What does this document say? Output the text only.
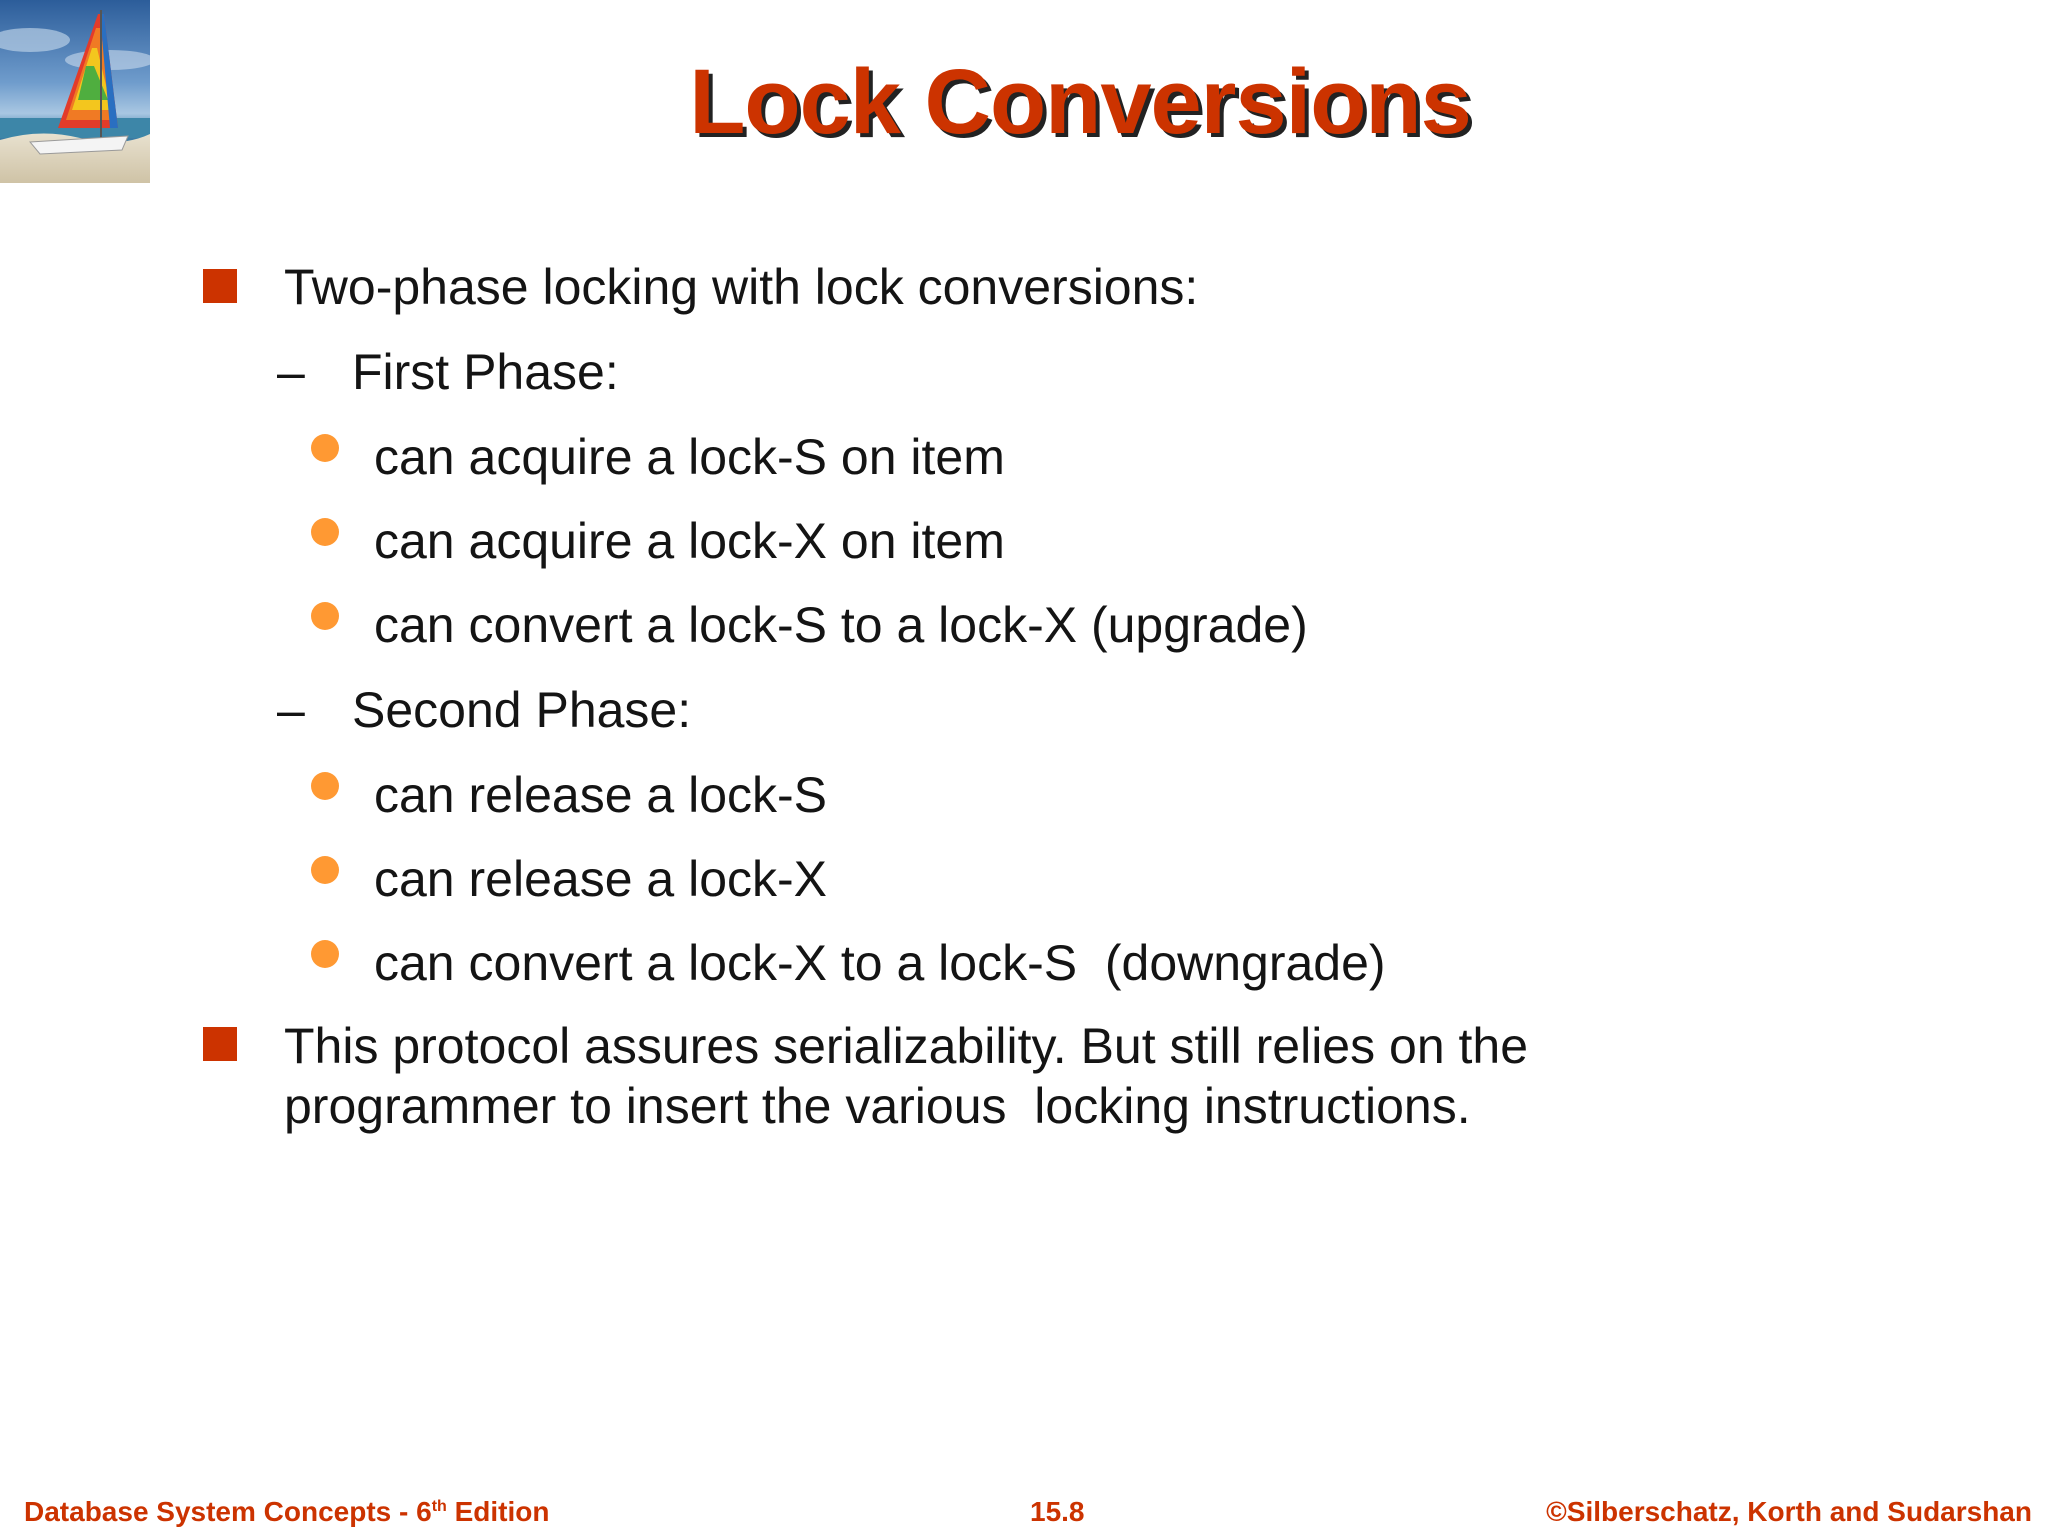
Lock Conversions
Two-phase locking with lock conversions:
– First Phase:
can acquire a lock-S on item
can acquire a lock-X on item
can convert a lock-S to a lock-X (upgrade)
– Second Phase:
can release a lock-S
can release a lock-X
can convert a lock-X to a lock-S  (downgrade)
This protocol assures serializability. But still relies on the
programmer to insert the various  locking instructions.
Database System Concepts - 6th Edition	15.8	©Silberschatz, Korth and Sudarshan
